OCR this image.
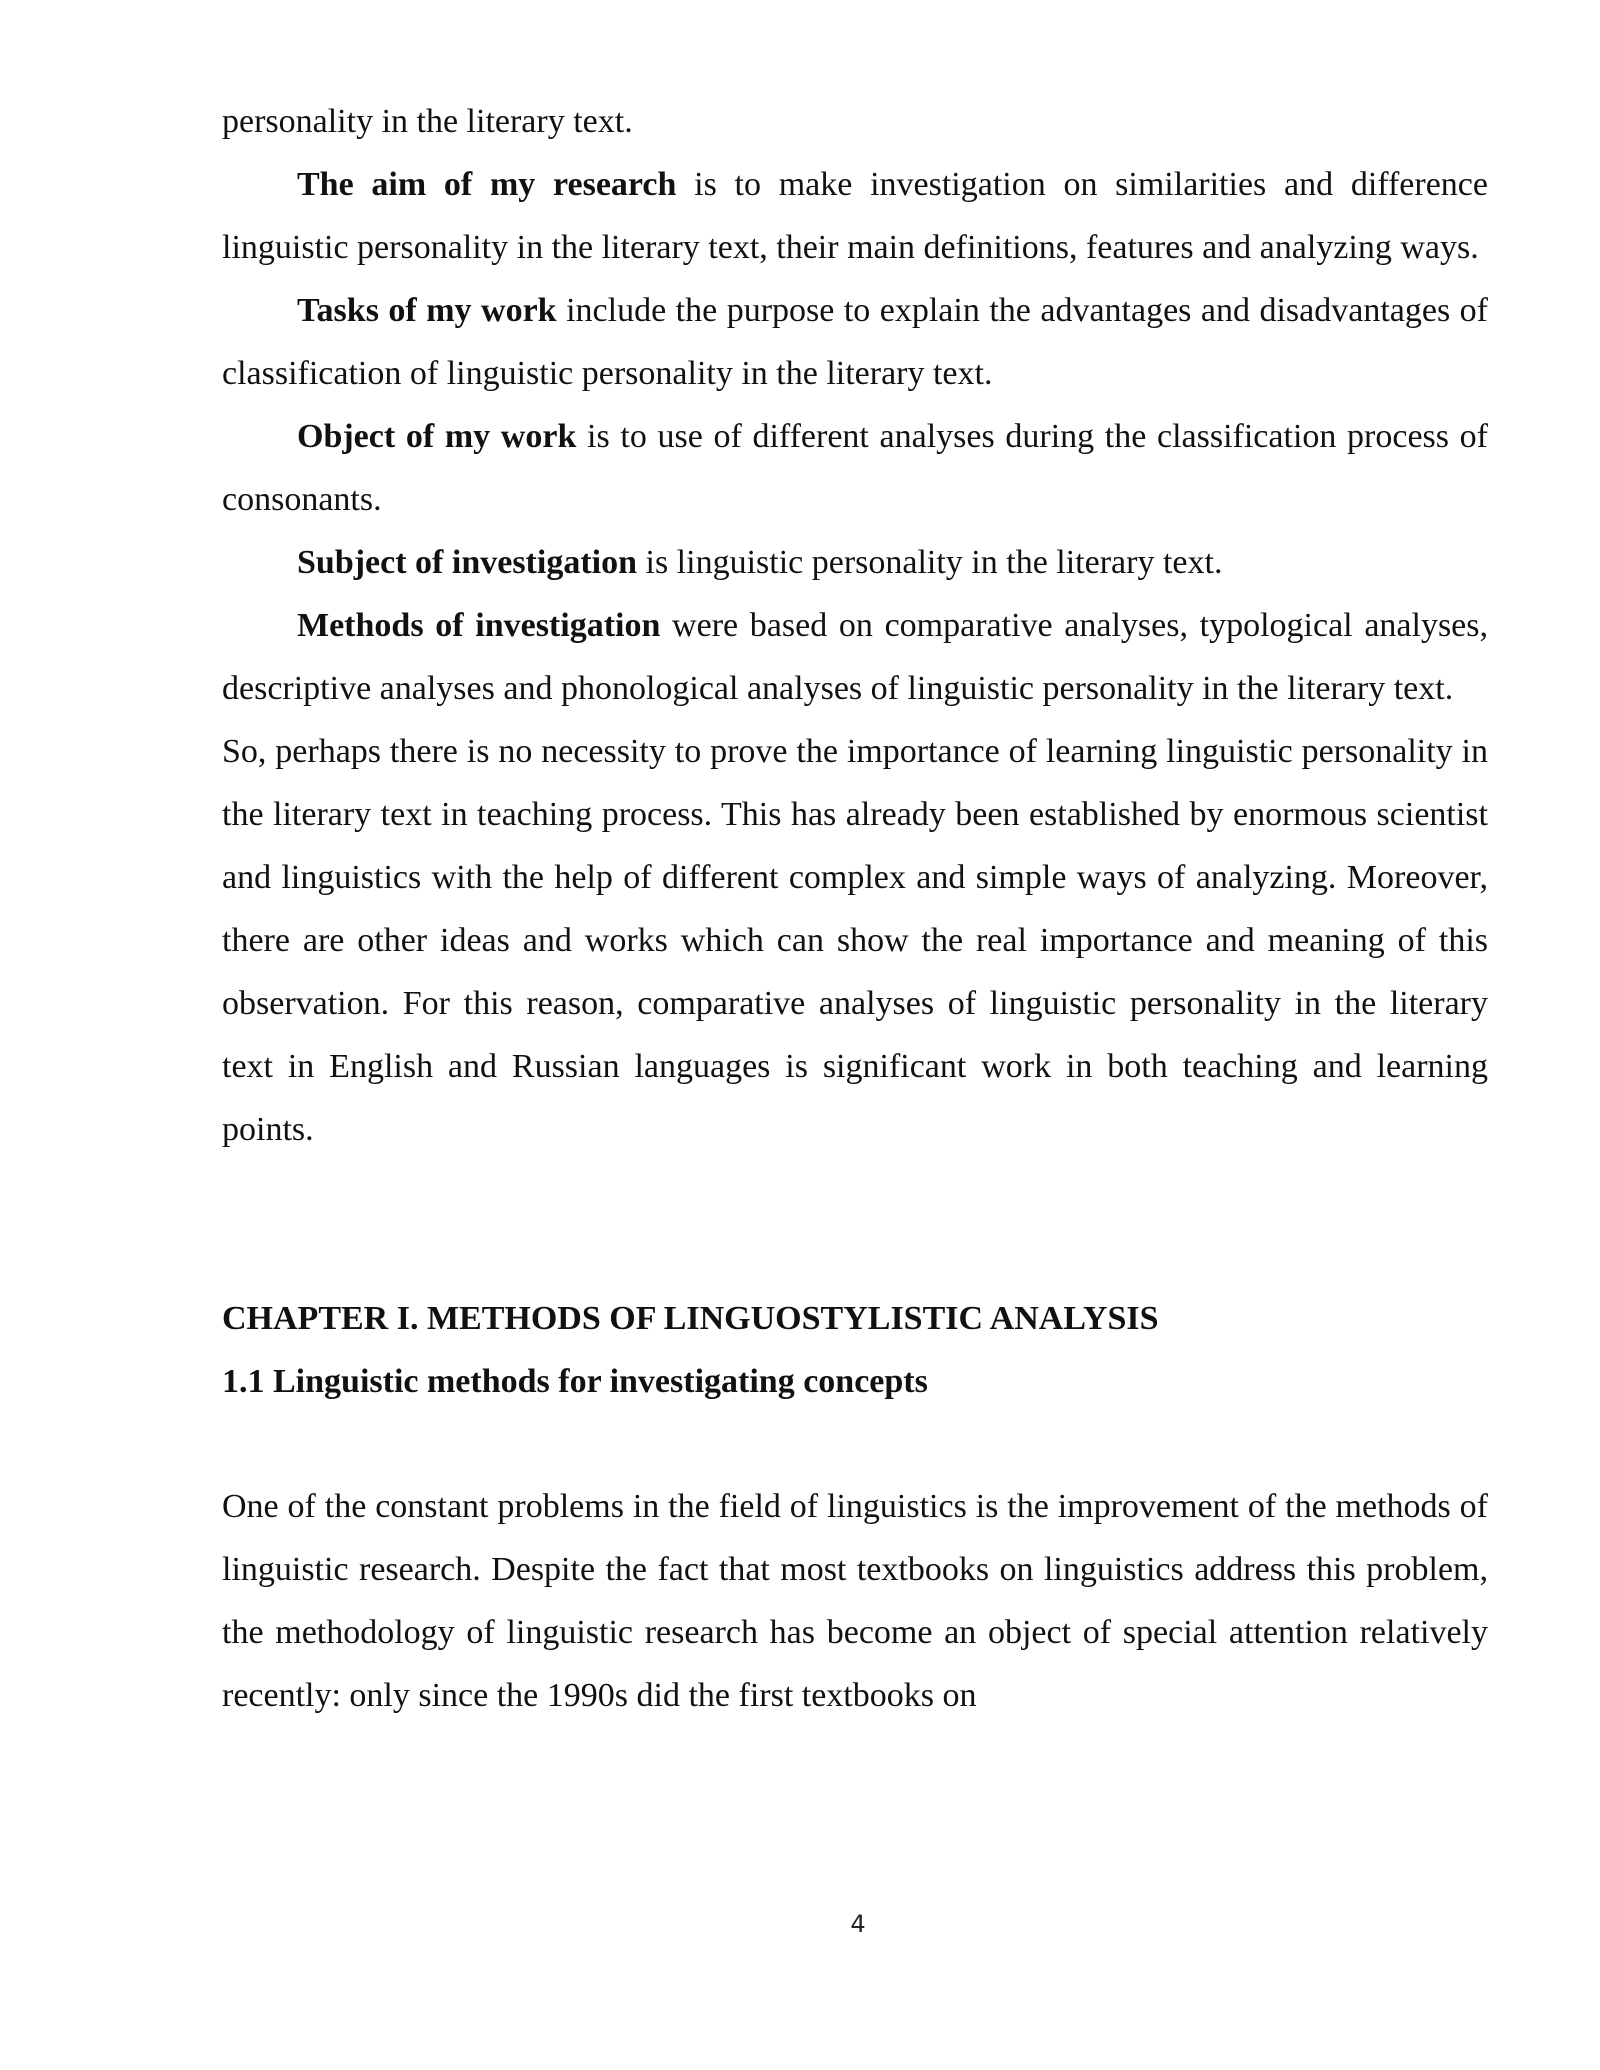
personality in the literary text.

The aim of my research is to make investigation on similarities and difference linguistic personality in the literary text, their main definitions, features and analyzing ways.

Tasks of my work include the purpose to explain the advantages and disadvantages of classification of linguistic personality in the literary text.

Object of my work is to use of different analyses during the classification process of consonants.

Subject of investigation is linguistic personality in the literary text.

Methods of investigation were based on comparative analyses, typological analyses, descriptive analyses and phonological analyses of linguistic personality in the literary text.

So, perhaps there is no necessity to prove the importance of learning linguistic personality in the literary text in teaching process. This has already been established by enormous scientist and linguistics with the help of different complex and simple ways of analyzing. Moreover, there are other ideas and works which can show the real importance and meaning of this observation. For this reason, comparative analyses of linguistic personality in the literary text in English and Russian languages is significant work in both teaching and learning points.

CHAPTER I. METHODS OF LINGUOSTYLISTIC ANALYSIS

1.1 Linguistic methods for investigating concepts

One of the constant problems in the field of linguistics is the improvement of the methods of linguistic research. Despite the fact that most textbooks on linguistics address this problem, the methodology of linguistic research has become an object of special attention relatively recently: only since the 1990s did the first textbooks on

4
